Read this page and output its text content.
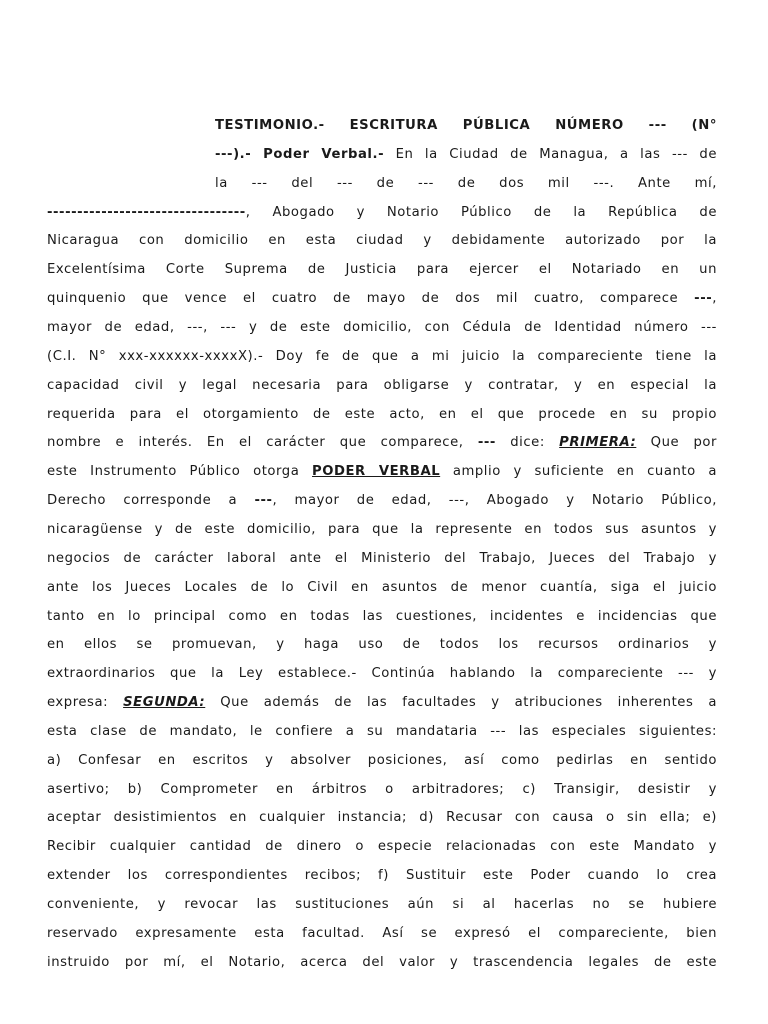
TESTIMONIO.- ESCRITURA PÚBLICA NÚMERO --- (N°
---).- Poder Verbal.- En la Ciudad de Managua, a las --- de
la --- del --- de --- de dos mil ---. Ante mí,
---------------------------------, Abogado y Notario Público de la República de
Nicaragua con domicilio en esta ciudad y debidamente autorizado por la
Excelentísima Corte Suprema de Justicia para ejercer el Notariado en un
quinquenio que vence el cuatro de mayo de dos mil cuatro, comparece ---,
mayor de edad, ---, --- y de este domicilio, con Cédula de Identidad número ---
(C.I. N° xxx-xxxxxx-xxxxX).- Doy fe de que a mi juicio la compareciente tiene la
capacidad civil y legal necesaria para obligarse y contratar, y en especial la
requerida para el otorgamiento de este acto, en el que procede en su propio
nombre e interés. En el carácter que comparece, --- dice: PRIMERA: Que por
este Instrumento Público otorga PODER VERBAL amplio y suficiente en cuanto a
Derecho corresponde a ---, mayor de edad, ---, Abogado y Notario Público,
nicaragüense y de este domicilio, para que la represente en todos sus asuntos y
negocios de carácter laboral ante el Ministerio del Trabajo, Jueces del Trabajo y
ante los Jueces Locales de lo Civil en asuntos de menor cuantía, siga el juicio
tanto en lo principal como en todas las cuestiones, incidentes e incidencias que
en ellos se promuevan, y haga uso de todos los recursos ordinarios y
extraordinarios que la Ley establece.- Continúa hablando la compareciente --- y
expresa: SEGUNDA: Que además de las facultades y atribuciones inherentes a
esta clase de mandato, le confiere a su mandataria --- las especiales siguientes:
a) Confesar en escritos y absolver posiciones, así como pedirlas en sentido
asertivo; b) Comprometer en árbitros o arbitradores; c) Transigir, desistir y
aceptar desistimientos en cualquier instancia; d) Recusar con causa o sin ella; e)
Recibir cualquier cantidad de dinero o especie relacionadas con este Mandato y
extender los correspondientes recibos; f) Sustituir este Poder cuando lo crea
conveniente, y revocar las sustituciones aún si al hacerlas no se hubiere
reservado expresamente esta facultad. Así se expresó el compareciente, bien
instruido por mí, el Notario, acerca del valor y trascendencia legales de este
